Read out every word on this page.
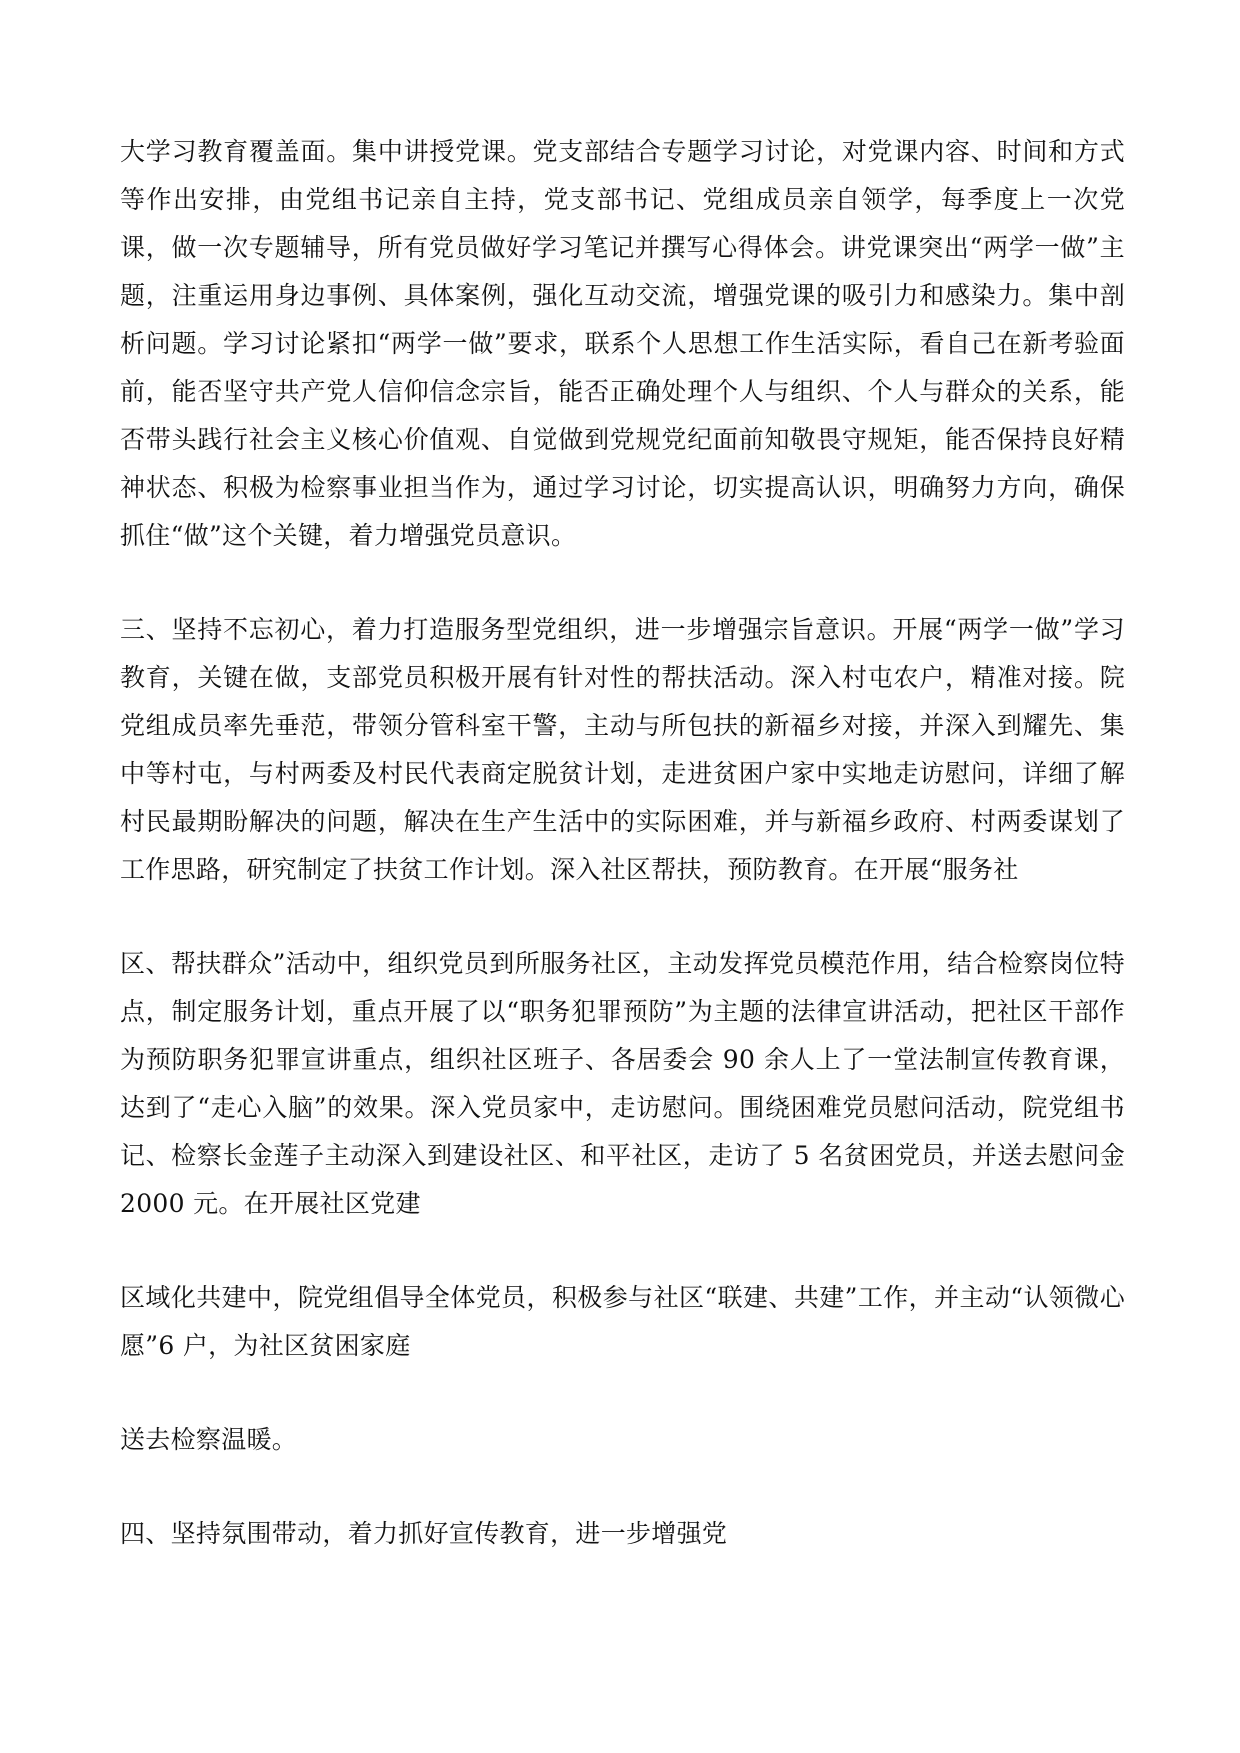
大学习教育覆盖面。集中讲授党课。党支部结合专题学习讨论，对党课内容、时间和方式等作出安排，由党组书记亲自主持，党支部书记、党组成员亲自领学，每季度上一次党课，做一次专题辅导，所有党员做好学习笔记并撰写心得体会。讲党课突出“两学一做”主题，注重运用身边事例、具体案例，强化互动交流，增强党课的吸引力和感染力。集中剖析问题。学习讨论紧扣“两学一做”要求，联系个人思想工作生活实际，看自己在新考验面前，能否坚守共产党人信仰信念宗旨，能否正确处理个人与组织、个人与群众的关系，能否带头践行社会主义核心价值观、自觉做到党规党纪面前知敬畏守规矩，能否保持良好精神状态、积极为检察事业担当作为，通过学习讨论，切实提高认识，明确努力方向，确保抓住“做”这个关键，着力增强党员意识。

三、坚持不忘初心，着力打造服务型党组织，进一步增强宗旨意识。开展“两学一做”学习教育，关键在做，支部党员积极开展有针对性的帮扶活动。深入村屯农户，精准对接。院党组成员率先垂范，带领分管科室干警，主动与所包扶的新福乡对接，并深入到耀先、集中等村屯，与村两委及村民代表商定脱贫计划，走进贫困户家中实地走访慰问，详细了解村民最期盼解决的问题，解决在生产生活中的实际困难，并与新福乡政府、村两委谋划了工作思路，研究制定了扶贫工作计划。深入社区帮扶，预防教育。在开展“服务社

区、帮扶群众”活动中，组织党员到所服务社区，主动发挥党员模范作用，结合检察岗位特点，制定服务计划，重点开展了以“职务犯罪预防”为主题的法律宣讲活动，把社区干部作为预防职务犯罪宣讲重点，组织社区班子、各居委会 90 余人上了一堂法制宣传教育课，达到了“走心入脑”的效果。深入党员家中，走访慰问。围绕困难党员慰问活动，院党组书记、检察长金莲子主动深入到建设社区、和平社区，走访了 5 名贫困党员，并送去慰问金 2000 元。在开展社区党建

区域化共建中，院党组倡导全体党员，积极参与社区“联建、共建”工作，并主动“认领微心愿”6 户，为社区贫困家庭

送去检察温暖。

四、坚持氛围带动，着力抓好宣传教育，进一步增强党
